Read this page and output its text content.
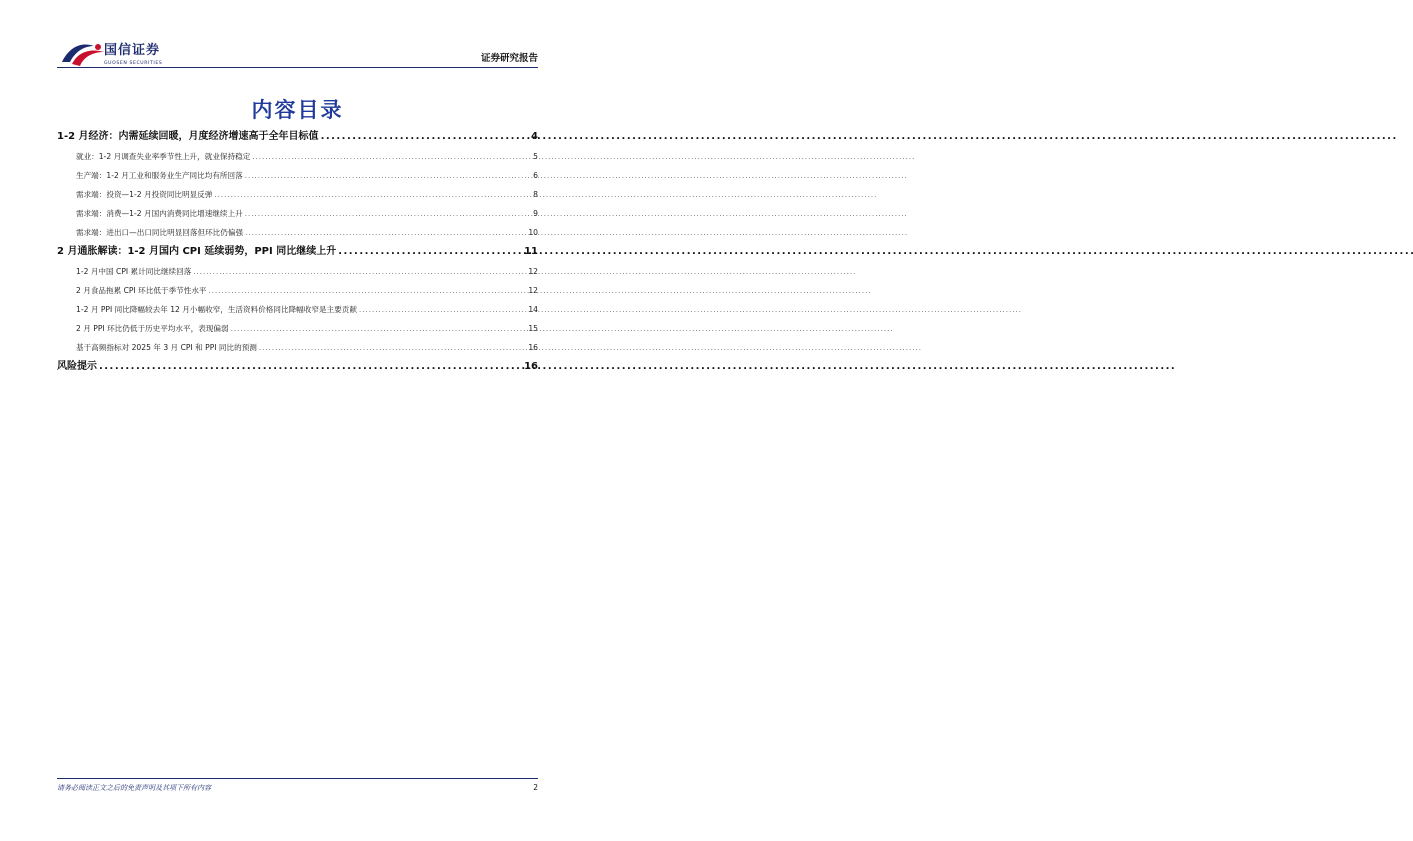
国信证券
GUOSEN SECURITIES	证券研究报告
内容目录
1-2 月经济：内需延续回暖，月度经济增速高于全年目标值 . . .	4
就业：1-2 月调查失业率季节性上升，就业保持稳定 . . .	5
生产端：1-2 月工业和服务业生产同比均有所回落 . . .	6
需求端：投资—1-2 月投资同比明显反弹 . . .	8
需求端：消费—1-2 月国内消费同比增速继续上升 . . .	9
需求端：进出口—出口同比明显回落但环比仍偏强 . . .	10
2 月通胀解读：1-2 月国内 CPI 延续弱势，PPI 同比继续上升 . . .	11
1-2 月中国 CPI 累计同比继续回落 . . .	12
2 月食品拖累 CPI 环比低于季节性水平 . . .	12
1-2 月 PPI 同比降幅较去年 12 月小幅收窄，生活资料价格同比降幅收窄是主要贡献 . . .	14
2 月 PPI 环比仍低于历史平均水平，表现偏弱 . . .	15
基于高频指标对 2025 年 3 月 CPI 和 PPI 同比的预测 . . .	16
风险提示 . . .	16
请务必阅读正文之后的免责声明及其项下所有内容	2
